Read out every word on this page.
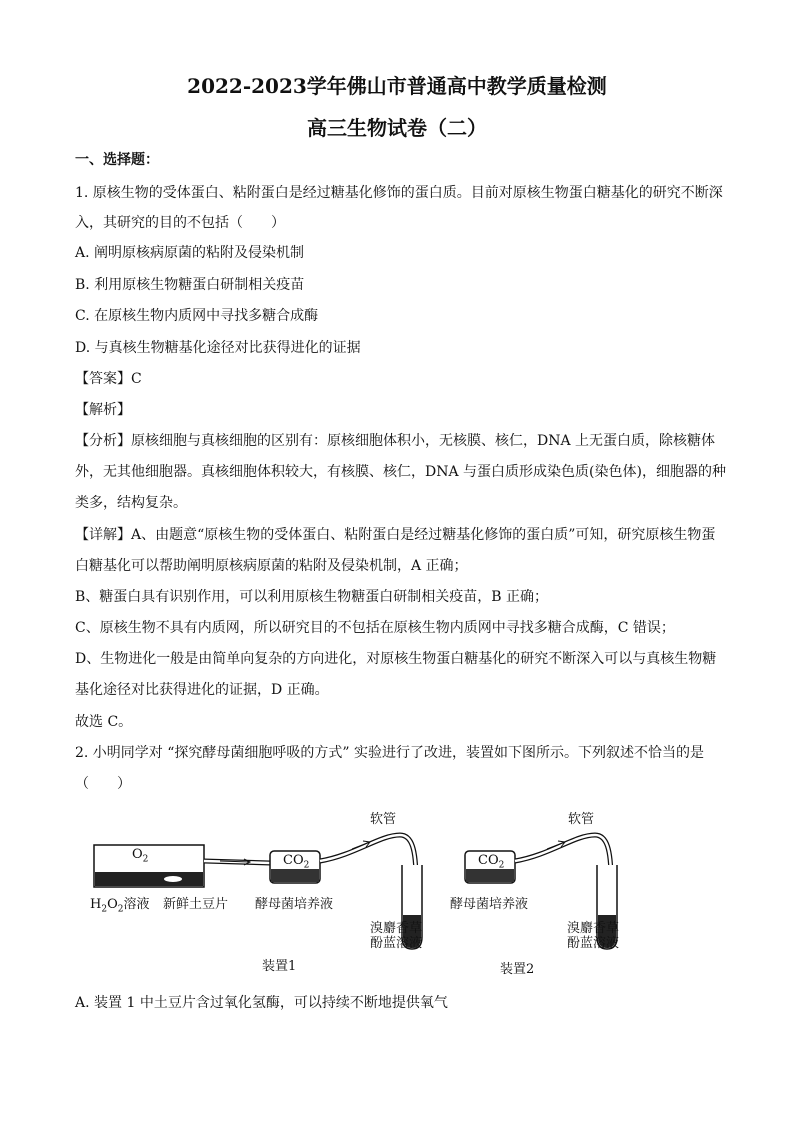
2022-2023学年佛山市普通高中教学质量检测
高三生物试卷（二）
一、选择题：
1. 原核生物的受体蛋白、粘附蛋白是经过糖基化修饰的蛋白质。目前对原核生物蛋白糖基化的研究不断深
入，其研究的目的不包括（　　）
A. 阐明原核病原菌的粘附及侵染机制
B. 利用原核生物糖蛋白研制相关疫苗
C. 在原核生物内质网中寻找多糖合成酶
D. 与真核生物糖基化途径对比获得进化的证据
【答案】C
【解析】
【分析】原核细胞与真核细胞的区别有：原核细胞体积小，无核膜、核仁，DNA 上无蛋白质，除核糖体
外，无其他细胞器。真核细胞体积较大，有核膜、核仁，DNA 与蛋白质形成染色质(染色体)，细胞器的种
类多，结构复杂。
【详解】A、由题意“原核生物的受体蛋白、粘附蛋白是经过糖基化修饰的蛋白质”可知，研究原核生物蛋
白糖基化可以帮助阐明原核病原菌的粘附及侵染机制，A 正确；
B、糖蛋白具有识别作用，可以利用原核生物糖蛋白研制相关疫苗，B 正确；
C、原核生物不具有内质网，所以研究目的不包括在原核生物内质网中寻找多糖合成酶，C 错误；
D、生物进化一般是由简单向复杂的方向进化，对原核生物蛋白糖基化的研究不断深入可以与真核生物糖
基化途径对比获得进化的证据，D 正确。
故选 C。
2. 小明同学对 “探究酵母菌细胞呼吸的方式” 实验进行了改进，装置如下图所示。下列叙述不恰当的是
（　　）
$O_2$	$CO_2$	$CO_2$
软管	软管
$H_2O_2$溶液 新鲜土豆片 酵母菌培养液	酵母菌培养液
溴麝香草
酚蓝溶液
溴麝香草
酚蓝溶液
装置1	装置2
A. 装置 1 中土豆片含过氧化氢酶，可以持续不断地提供氧气
